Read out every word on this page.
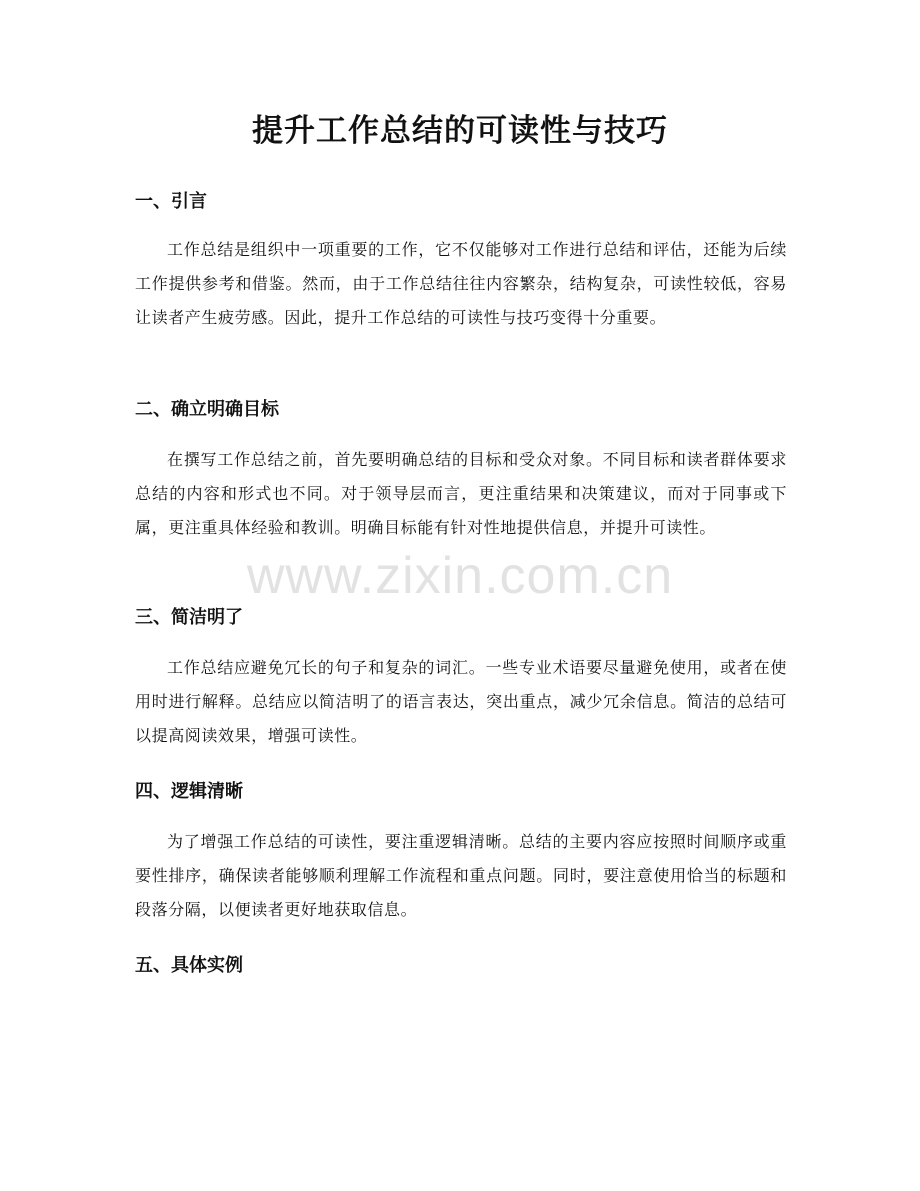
www.zixin.com.cn
提升工作总结的可读性与技巧
一、引言

工作总结是组织中一项重要的工作，它不仅能够对工作进行总结和评估，还能为后续工作提供参考和借鉴。然而，由于工作总结往往内容繁杂，结构复杂，可读性较低，容易让读者产生疲劳感。因此，提升工作总结的可读性与技巧变得十分重要。

二、确立明确目标

在撰写工作总结之前，首先要明确总结的目标和受众对象。不同目标和读者群体要求总结的内容和形式也不同。对于领导层而言，更注重结果和决策建议，而对于同事或下属，更注重具体经验和教训。明确目标能有针对性地提供信息，并提升可读性。

三、简洁明了

工作总结应避免冗长的句子和复杂的词汇。一些专业术语要尽量避免使用，或者在使用时进行解释。总结应以简洁明了的语言表达，突出重点，减少冗余信息。简洁的总结可以提高阅读效果，增强可读性。

四、逻辑清晰

为了增强工作总结的可读性，要注重逻辑清晰。总结的主要内容应按照时间顺序或重要性排序，确保读者能够顺利理解工作流程和重点问题。同时，要注意使用恰当的标题和段落分隔，以便读者更好地获取信息。

五、具体实例
